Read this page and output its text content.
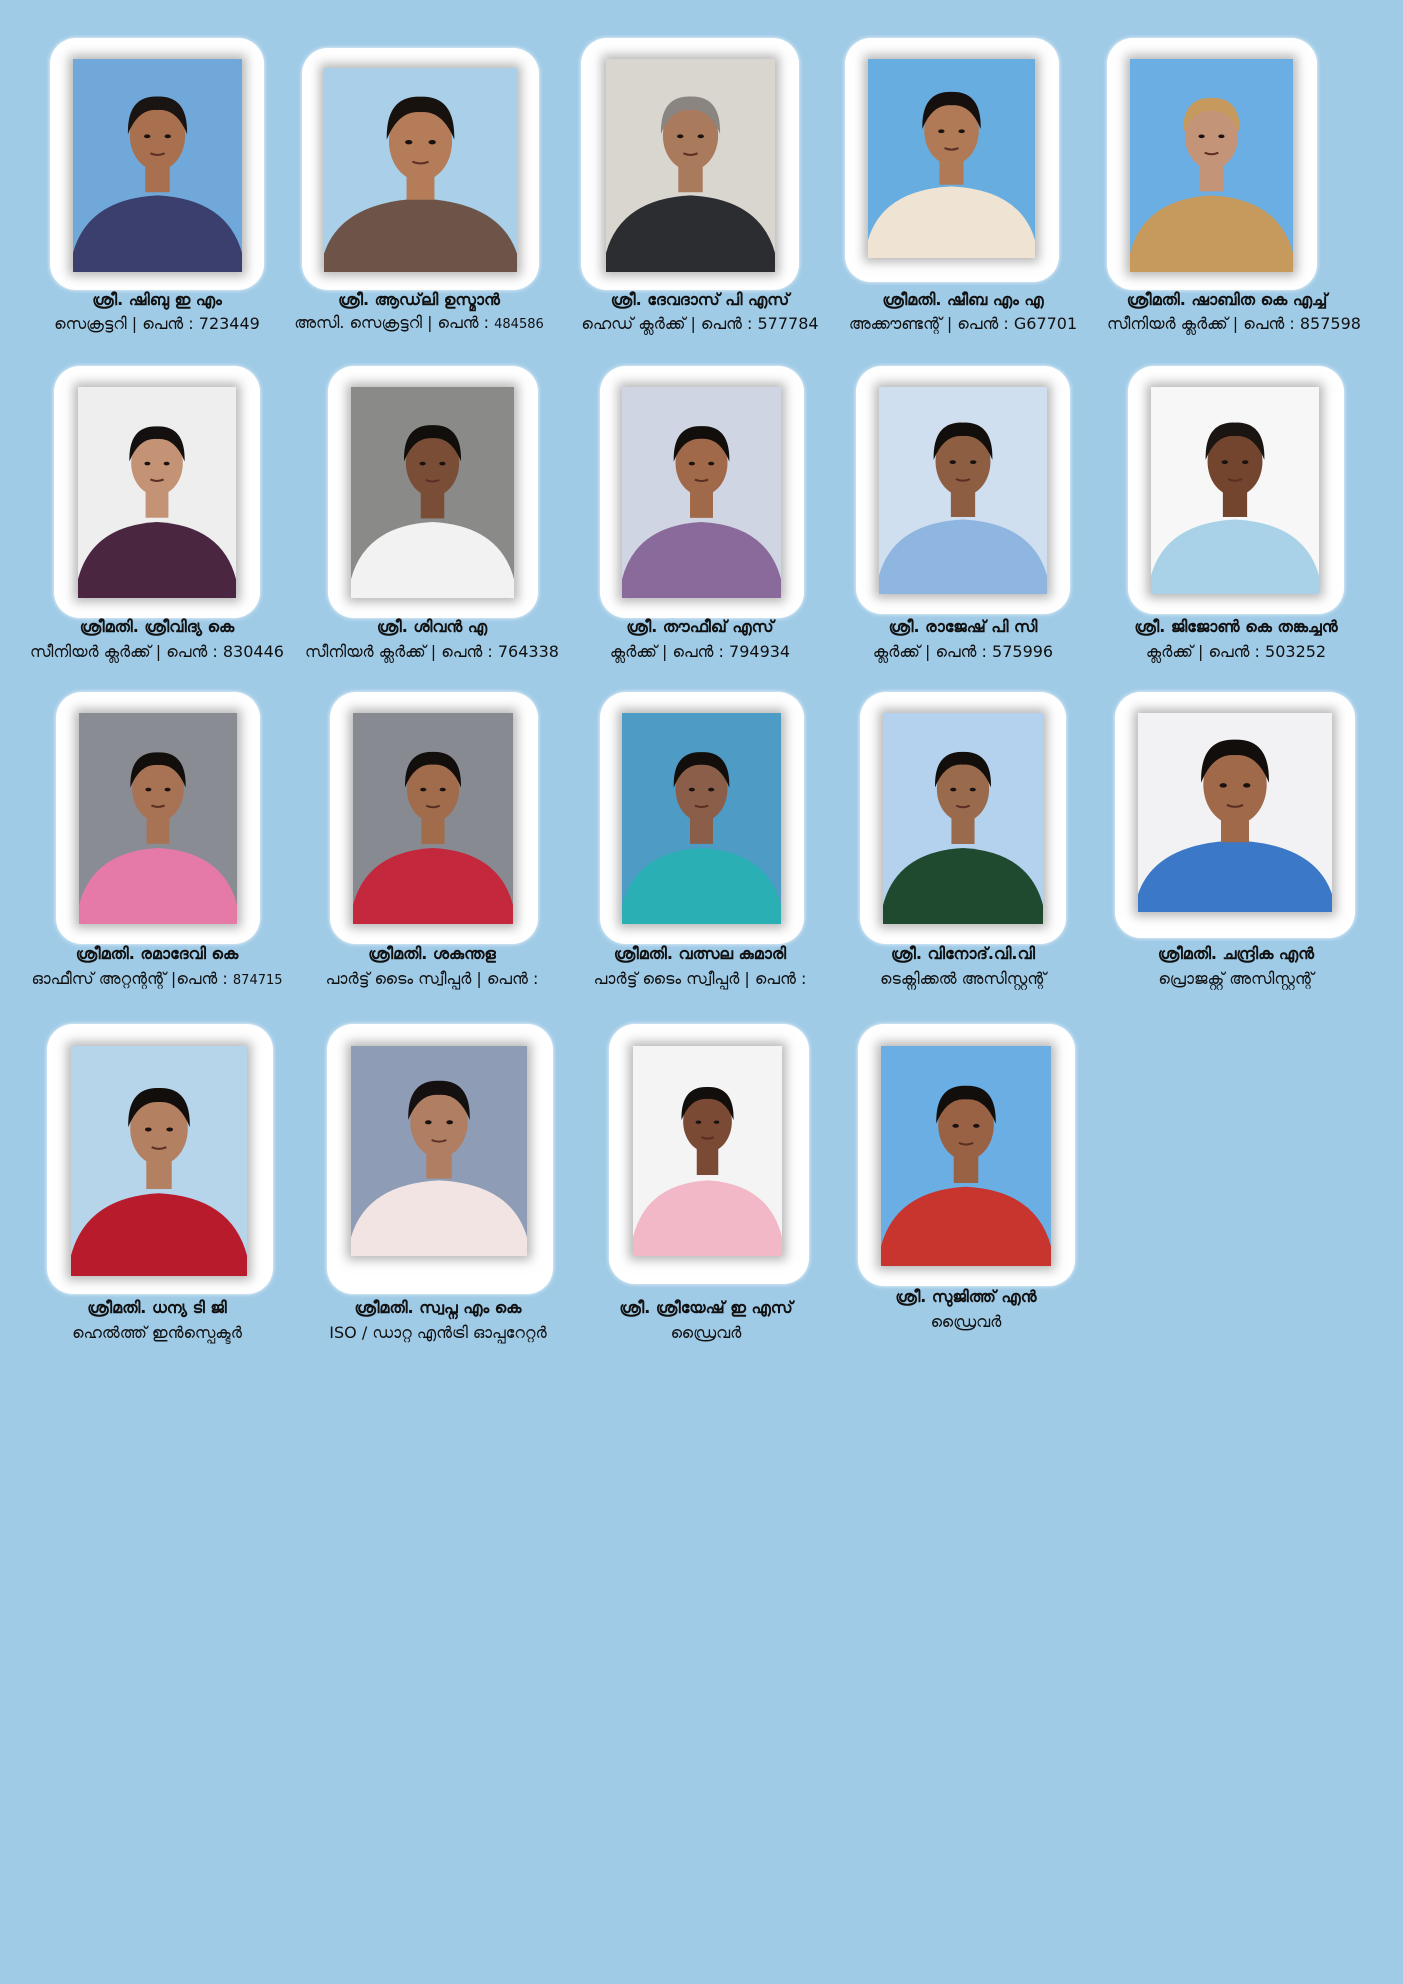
ശ്രീ. ഷിബു ഇ എം
സെക്രട്ടറി | പെൻ : 723449
ശ്രീ. ആഡ്‌ലി ഉസ്മാൻ
അസി. സെക്രട്ടറി | പെൻ : 484586
ശ്രീ. ദേവദാസ് പി എസ്
ഹെഡ് ക്ലർക്ക് | പെൻ : 577784
ശ്രീമതി. ഷീബ എം എ
അക്കൗണ്ടന്റ് | പെൻ : G67701
ശ്രീമതി. ഷാബിത കെ എച്ച്
സീനിയർ ക്ലർക്ക് | പെൻ : 857598
ശ്രീമതി. ശ്രീവിദ്യ കെ
സീനിയർ ക്ലർക്ക് | പെൻ : 830446
ശ്രീ. ശിവൻ എ
സീനിയർ ക്ലർക്ക് | പെൻ : 764338
ശ്രീ. തൗഫീഖ് എസ്
ക്ലർക്ക് | പെൻ : 794934
ശ്രീ. രാജേഷ് പി സി
ക്ലർക്ക് | പെൻ : 575996
ശ്രീ. ജിജോൺ കെ തങ്കച്ചൻ
ക്ലർക്ക് | പെൻ : 503252
ശ്രീമതി. രമാദേവി കെ
ഓഫീസ് അറ്റന്റന്റ് |പെൻ : 874715
ശ്രീമതി. ശകുന്തള
പാർട്ട് ടൈം സ്വീപ്പർ | പെൻ :
ശ്രീമതി. വത്സല കുമാരി
പാർട്ട് ടൈം സ്വീപ്പർ | പെൻ :
ശ്രീ. വിനോദ്.വി.വി
ടെക്നിക്കൽ അസിസ്റ്റന്റ്
ശ്രീമതി. ചന്ദ്രിക എൻ
പ്രൊജക്റ്റ് അസിസ്റ്റന്റ്
ശ്രീമതി. ധന്യ ടി ജി
ഹെൽത്ത് ഇൻസ്പെക്ടർ
ശ്രീമതി. സ്വപ്ന എം കെ
ISO / ഡാറ്റ എൻട്രി ഓപ്പറേറ്റർ
ശ്രീ. ശ്രീയേഷ് ഇ എസ്
ഡ്രൈവർ
ശ്രീ. സുജിത്ത് എൻ
ഡ്രൈവർ
